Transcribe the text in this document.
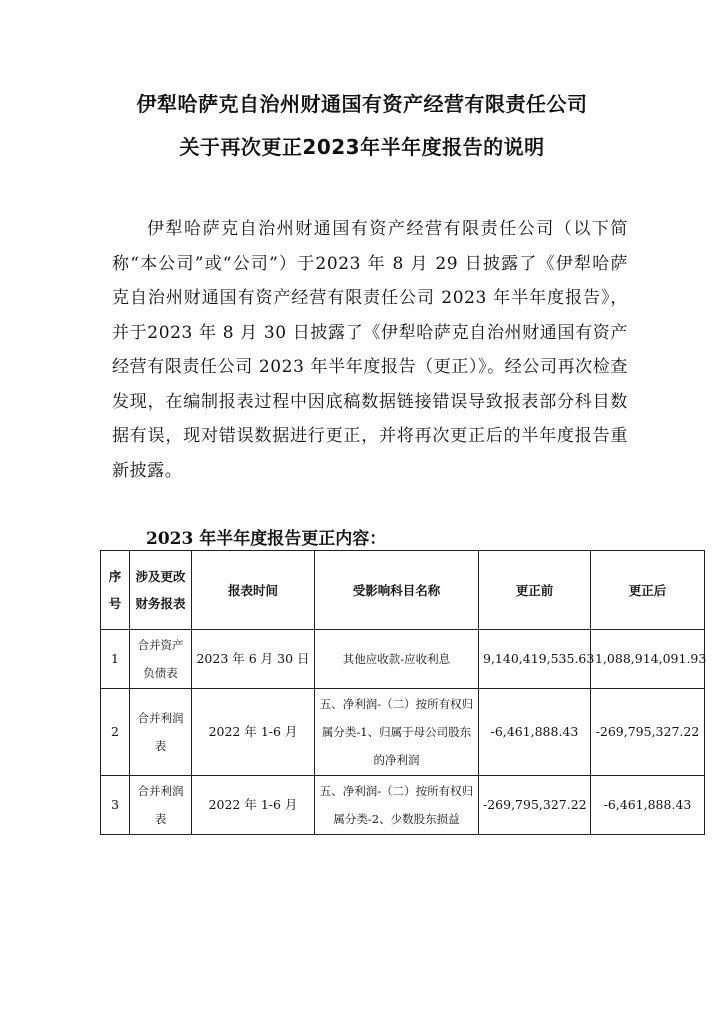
伊犁哈萨克自治州财通国有资产经营有限责任公司
关于再次更正2023年半年度报告的说明

伊犁哈萨克自治州财通国有资产经营有限责任公司（以下简称“本公司”或“公司”）于2023 年 8 月 29 日披露了《伊犁哈萨克自治州财通国有资产经营有限责任公司 2023 年半年度报告》，并于2023 年 8 月 30 日披露了《伊犁哈萨克自治州财通国有资产经营有限责任公司 2023 年半年度报告（更正）》。经公司再次检查发现，在编制报表过程中因底稿数据链接错误导致报表部分科目数据有误，现对错误数据进行更正，并将再次更正后的半年度报告重新披露。

2023 年半年度报告更正内容：
序号	涉及更改财务报表	报表时间	受影响科目名称	更正前	更正后
1	合并资产负债表	2023 年 6 月 30 日	其他应收款-应收利息	9,140,419,535.63	1,088,914,091.93
2	合并利润表	2022 年 1-6 月	五、净利润-（二）按所有权归属分类-1、归属于母公司股东的净利润	-6,461,888.43	-269,795,327.22
3	合并利润表	2022 年 1-6 月	五、净利润-（二）按所有权归属分类-2、少数股东损益	-269,795,327.22	-6,461,888.43
